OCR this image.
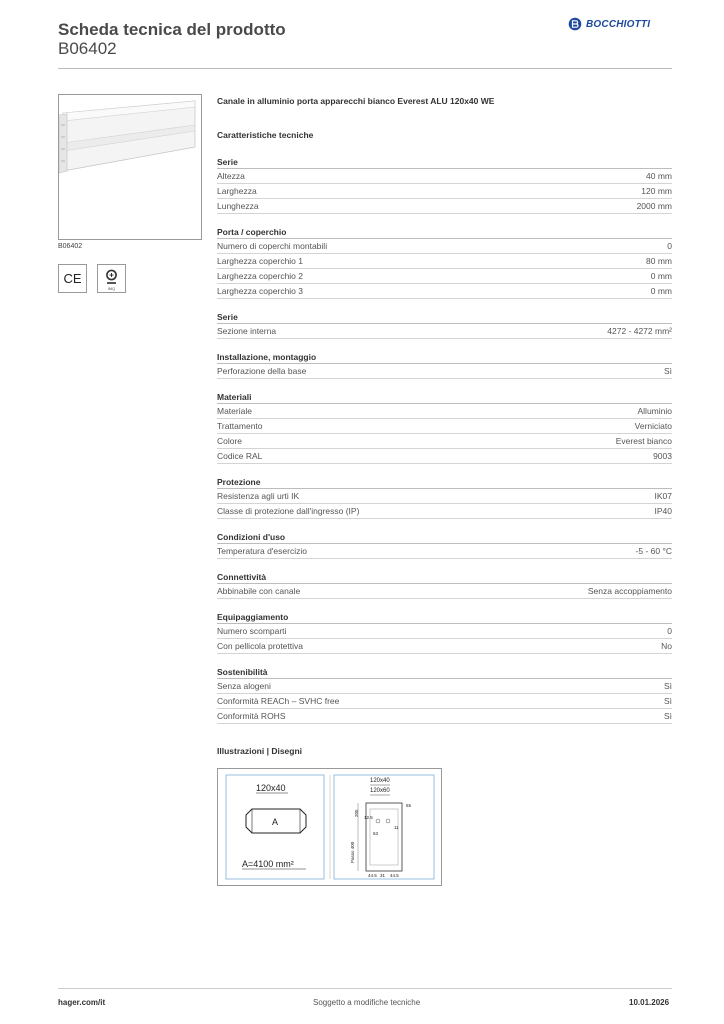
Scheda tecnica del prodotto
B06402
BOCCHIOTTI
B06402
CE
IMQ
Canale in alluminio porta apparecchi bianco Everest ALU 120x40 WE
Caratteristiche tecniche
Serie
Altezza	40 mm
Larghezza	120 mm
Lunghezza	2000 mm
Porta / coperchio
Numero di coperchi montabili	0
Larghezza coperchio 1	80 mm
Larghezza coperchio 2	0 mm
Larghezza coperchio 3	0 mm
Serie
Sezione interna	4272 - 4272 mm²
Installazione, montaggio
Perforazione della base	Sì
Materiali
Materiale	Alluminio
Trattamento	Verniciato
Colore	Everest bianco
Codice RAL	9003
Protezione
Resistenza agli urti IK	IK07
Classe di protezione dall'ingresso (IP)	IP40
Condizioni d'uso
Temperatura d'esercizio	-5 - 60 °C
Connettività
Abbinabile con canale	Senza accoppiamento
Equipaggiamento
Numero scomparti	0
Con pellicola protettiva	No
Sostenibilità
Senza alogeni	Sì
Conformità REACh – SVHC free	Sì
Conformità ROHS	Sì
Illustrazioni | Disegni
120x40
A
A=4100 mm²
120x40
120x60
205
12.5
11
63
65
Passo 400
44.5 31 44.5
hager.com/it	Soggetto a modifiche tecniche	10.01.2026
